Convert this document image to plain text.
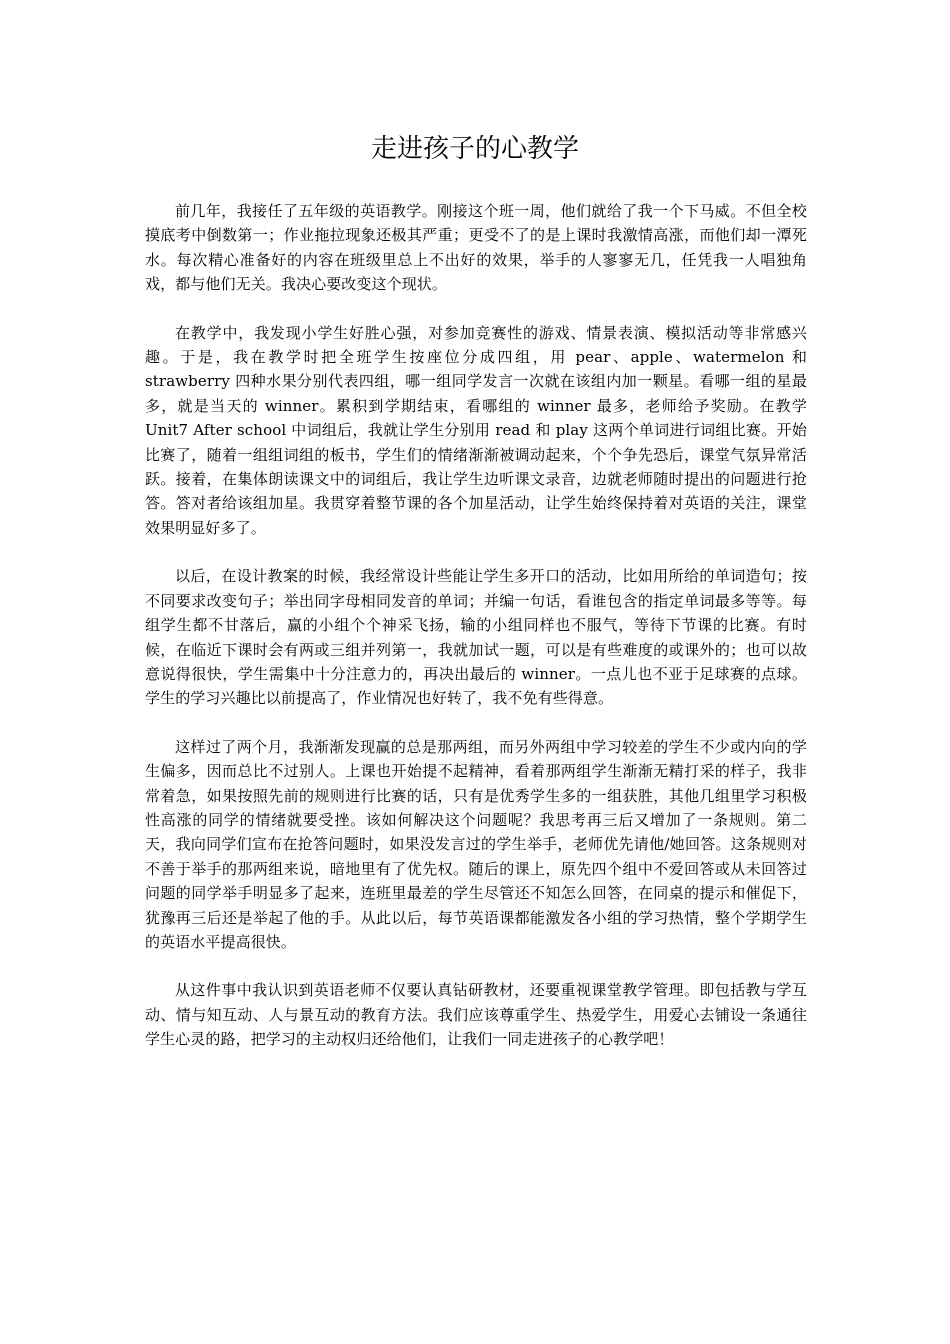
走进孩子的心教学

前几年，我接任了五年级的英语教学。刚接这个班一周，他们就给了我一个下马威。不但全校摸底考中倒数第一；作业拖拉现象还极其严重；更受不了的是上课时我激情高涨，而他们却一潭死水。每次精心准备好的内容在班级里总上不出好的效果，举手的人寥寥无几，任凭我一人唱独角戏，都与他们无关。我决心要改变这个现状。

在教学中，我发现小学生好胜心强，对参加竞赛性的游戏、情景表演、模拟活动等非常感兴趣。于是，我在教学时把全班学生按座位分成四组，用 pear、apple、watermelon 和 strawberry 四种水果分别代表四组，哪一组同学发言一次就在该组内加一颗星。看哪一组的星最多，就是当天的 winner。累积到学期结束，看哪组的 winner 最多，老师给予奖励。在教学 Unit7 After school 中词组后，我就让学生分别用 read 和 play 这两个单词进行词组比赛。开始比赛了，随着一组组词组的板书，学生们的情绪渐渐被调动起来，个个争先恐后，课堂气氛异常活跃。接着，在集体朗读课文中的词组后，我让学生边听课文录音，边就老师随时提出的问题进行抢答。答对者给该组加星。我贯穿着整节课的各个加星活动，让学生始终保持着对英语的关注，课堂效果明显好多了。

以后，在设计教案的时候，我经常设计些能让学生多开口的活动，比如用所给的单词造句；按不同要求改变句子；举出同字母相同发音的单词；并编一句话，看谁包含的指定单词最多等等。每组学生都不甘落后，赢的小组个个神采飞扬，输的小组同样也不服气，等待下节课的比赛。有时候，在临近下课时会有两或三组并列第一，我就加试一题，可以是有些难度的或课外的；也可以故意说得很快，学生需集中十分注意力的，再决出最后的 winner。一点儿也不亚于足球赛的点球。学生的学习兴趣比以前提高了，作业情况也好转了，我不免有些得意。

这样过了两个月，我渐渐发现赢的总是那两组，而另外两组中学习较差的学生不少或内向的学生偏多，因而总比不过别人。上课也开始提不起精神，看着那两组学生渐渐无精打采的样子，我非常着急，如果按照先前的规则进行比赛的话，只有是优秀学生多的一组获胜，其他几组里学习积极性高涨的同学的情绪就要受挫。该如何解决这个问题呢？我思考再三后又增加了一条规则。第二天，我向同学们宣布在抢答问题时，如果没发言过的学生举手，老师优先请他/她回答。这条规则对不善于举手的那两组来说，暗地里有了优先权。随后的课上，原先四个组中不爱回答或从未回答过问题的同学举手明显多了起来，连班里最差的学生尽管还不知怎么回答，在同桌的提示和催促下，犹豫再三后还是举起了他的手。从此以后，每节英语课都能激发各小组的学习热情，整个学期学生的英语水平提高很快。

从这件事中我认识到英语老师不仅要认真钻研教材，还要重视课堂教学管理。即包括教与学互动、情与知互动、人与景互动的教育方法。我们应该尊重学生、热爱学生，用爱心去铺设一条通往学生心灵的路，把学习的主动权归还给他们，让我们一同走进孩子的心教学吧！
